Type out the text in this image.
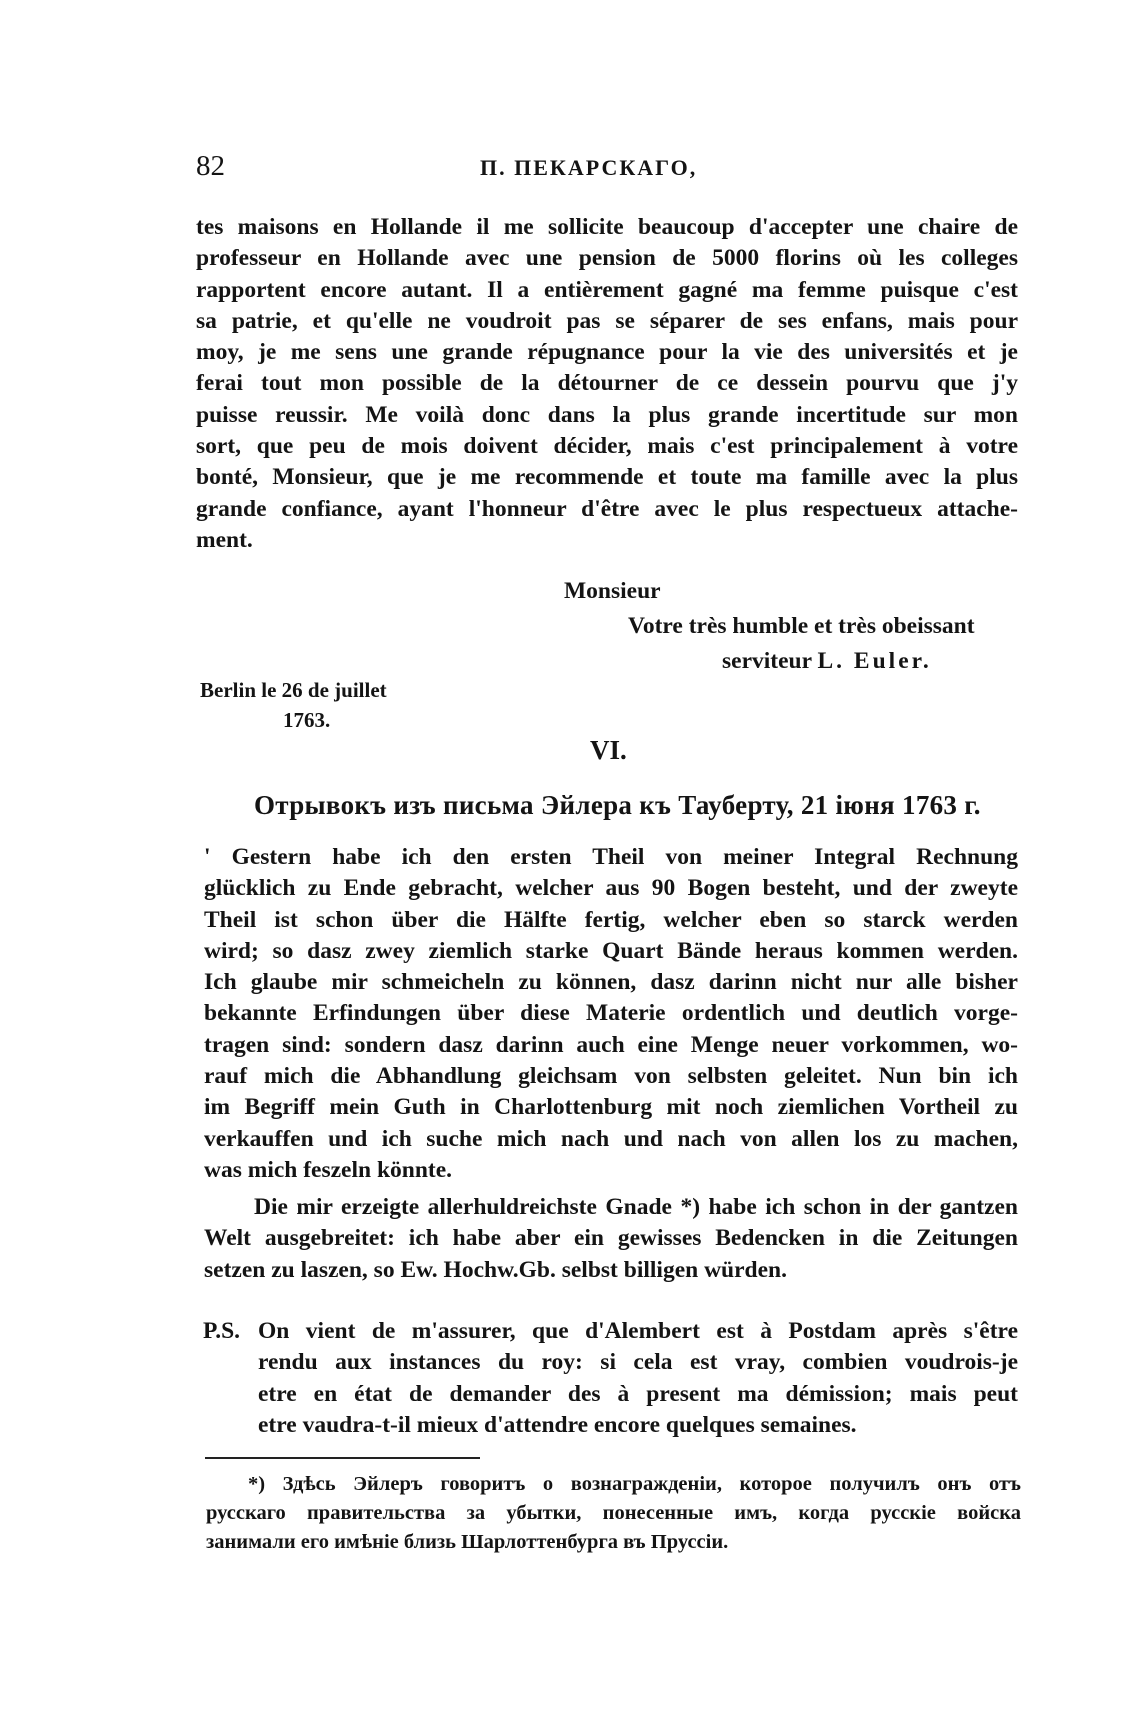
82	П. ПЕКАРСКАГО,
tes maisons en Hollande il me sollicite beaucoup d'accepter une chaire de
professeur en Hollande avec une pension de 5000 florins où les colleges
rapportent encore autant. Il a entièrement gagné ma femme puisque c'est
sa patrie, et qu'elle ne voudroit pas se séparer de ses enfans, mais pour
moy, je me sens une grande répugnance pour la vie des universités et je
ferai tout mon possible de la détourner de ce dessein pourvu que j'y
puisse reussir. Me voilà donc dans la plus grande incertitude sur mon
sort, que peu de mois doivent décider, mais c'est principalement à votre
bonté, Monsieur, que je me recommende et toute ma famille avec la plus
grande confiance, ayant l'honneur d'être avec le plus respectueux attache-
ment.
Monsieur
Votre très humble et très obeissant
serviteur L. Euler.
Berlin le 26 de juillet
1763.
VI.
Отрывокъ изъ письма Эйлера къ Тауберту, 21 іюня 1763 г.
' Gestern habe ich den ersten Theil von meiner Integral Rechnung
glücklich zu Ende gebracht, welcher aus 90 Bogen besteht, und der zweyte
Theil ist schon über die Hälfte fertig, welcher eben so starck werden
wird; so dasz zwey ziemlich starke Quart Bände heraus kommen werden.
Ich glaube mir schmeicheln zu können, dasz darinn nicht nur alle bisher
bekannte Erfindungen über diese Materie ordentlich und deutlich vorge-
tragen sind: sondern dasz darinn auch eine Menge neuer vorkommen, wo-
rauf mich die Abhandlung gleichsam von selbsten geleitet. Nun bin ich
im Begriff mein Guth in Charlottenburg mit noch ziemlichen Vortheil zu
verkauffen und ich suche mich nach und nach von allen los zu machen,
was mich feszeln könnte.
Die mir erzeigte allerhuldreichste Gnade *) habe ich schon in der gantzen
Welt ausgebreitet: ich habe aber ein gewisses Bedencken in die Zeitungen
setzen zu laszen, so Ew. Hochw.Gb. selbst billigen würden.
P.S. On vient de m'assurer, que d'Alembert est à Postdam après s'être
rendu aux instances du roy: si cela est vray, combien voudrois-je
etre en état de demander des à present ma démission; mais peut
etre vaudra-t-il mieux d'attendre encore quelques semaines.
*) Здѣсь Эйлеръ говоритъ о вознагражденіи, которое получилъ онъ отъ
русскаго правительства за убытки, понесенные имъ, когда русскіе войска
занимали его имѣніе близь Шарлоттенбурга въ Пруссіи.
